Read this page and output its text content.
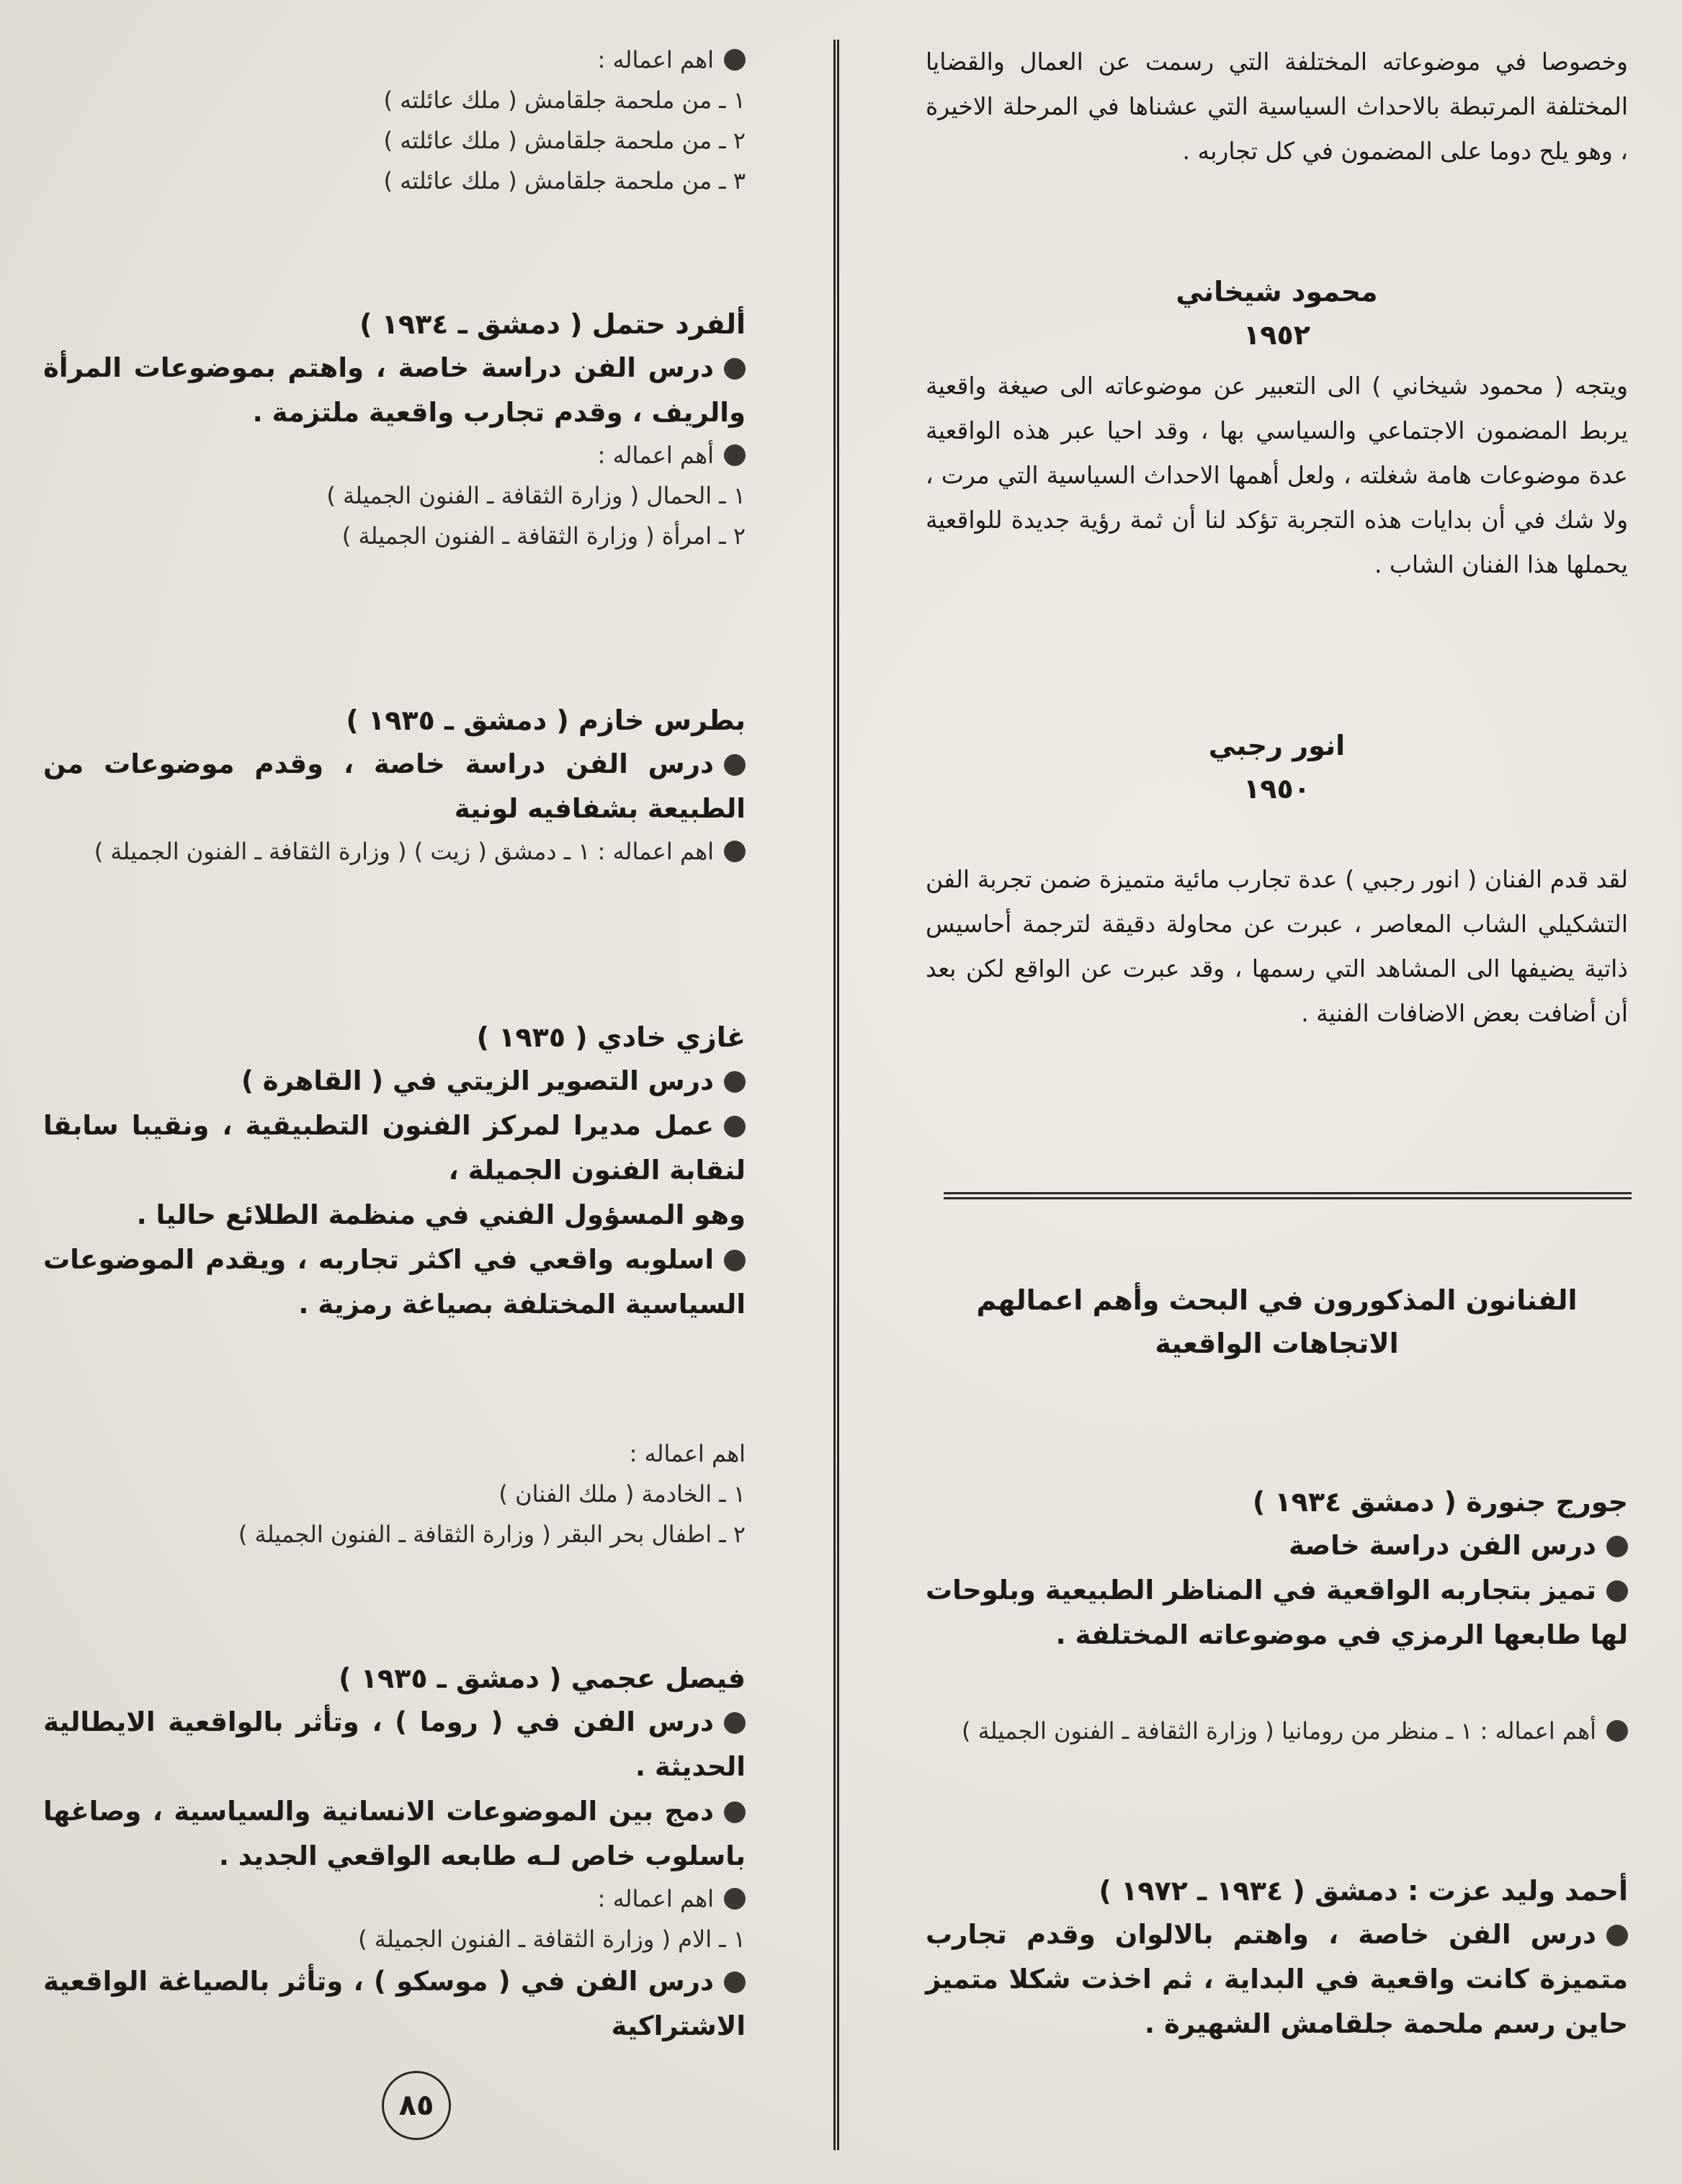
وخصوصا في موضوعاته المختلفة التي رسمت عن العمال والقضايا المختلفة المرتبطة بالاحداث السياسية التي عشناها في المرحلة الاخيرة ، وهو يلح دوما على المضمون في كل تجاربه .

محمود شيخاني

١٩٥٢

ويتجه ( محمود شيخاني ) الى التعبير عن موضوعاته الى صيغة واقعية يربط المضمون الاجتماعي والسياسي بها ، وقد احيا عبر هذه الواقعية عدة موضوعات هامة شغلته ، ولعل أهمها الاحداث السياسية التي مرت ، ولا شك في أن بدايات هذه التجربة تؤكد لنا أن ثمة رؤية جديدة للواقعية يحملها هذا الفنان الشاب .

انور رجبي

١٩٥٠

لقد قدم الفنان ( انور رجبي ) عدة تجارب مائية متميزة ضمن تجربة الفن التشكيلي الشاب المعاصر ، عبرت عن محاولة دقيقة لترجمة أحاسيس ذاتية يضيفها الى المشاهد التي رسمها ، وقد عبرت عن الواقع لكن بعد أن أضافت بعض الاضافات الفنية .

الفنانون المذكورون في البحث وأهم اعمالهم

الاتجاهات الواقعية

جورج جنورة ( دمشق ١٩٣٤ )

درس الفن دراسة خاصة

تميز بتجاربه الواقعية في المناظر الطبيعية وبلوحات لها طابعها الرمزي في موضوعاته المختلفة .

أهم اعماله : ١ ـ منظر من رومانيا ( وزارة الثقافة ـ الفنون الجميلة )

أحمد وليد عزت : دمشق ( ١٩٣٤ ـ ١٩٧٢ )

درس الفن خاصة ، واهتم بالالوان وقدم تجارب متميزة كانت واقعية في البداية ، ثم اخذت شكلا متميز حاين رسم ملحمة جلقامش الشهيرة .

اهم اعماله :

١ ـ من ملحمة جلقامش ( ملك عائلته )

٢ ـ من ملحمة جلقامش ( ملك عائلته )

٣ ـ من ملحمة جلقامش ( ملك عائلته )

ألفرد حتمل ( دمشق ـ ١٩٣٤ )

درس الفن دراسة خاصة ، واهتم بموضوعات المرأة والريف ، وقدم تجارب واقعية ملتزمة .

أهم اعماله :

١ ـ الحمال ( وزارة الثقافة ـ الفنون الجميلة )

٢ ـ امرأة ( وزارة الثقافة ـ الفنون الجميلة )

بطرس خازم ( دمشق ـ ١٩٣٥ )

درس الفن دراسة خاصة ، وقدم موضوعات من الطبيعة بشفافيه لونية

اهم اعماله : ١ ـ دمشق ( زيت ) ( وزارة الثقافة ـ الفنون الجميلة )

غازي خادي ( ١٩٣٥ )

درس التصوير الزيتي في ( القاهرة )

عمل مديرا لمركز الفنون التطبيقية ، ونقيبا سابقا لنقابة الفنون الجميلة ،

وهو المسؤول الفني في منظمة الطلائع حاليا .

اسلوبه واقعي في اكثر تجاربه ، ويقدم الموضوعات السياسية المختلفة بصياغة رمزية .

اهم اعماله :

١ ـ الخادمة ( ملك الفنان )

٢ ـ اطفال بحر البقر ( وزارة الثقافة ـ الفنون الجميلة )

فيصل عجمي ( دمشق ـ ١٩٣٥ )

درس الفن في ( روما ) ، وتأثر بالواقعية الايطالية الحديثة .

دمج بين الموضوعات الانسانية والسياسية ، وصاغها باسلوب خاص لـه طابعه الواقعي الجديد .

اهم اعماله :

١ ـ الام ( وزارة الثقافة ـ الفنون الجميلة )

درس الفن في ( موسكو ) ، وتأثر بالصياغة الواقعية الاشتراكية

٨٥
